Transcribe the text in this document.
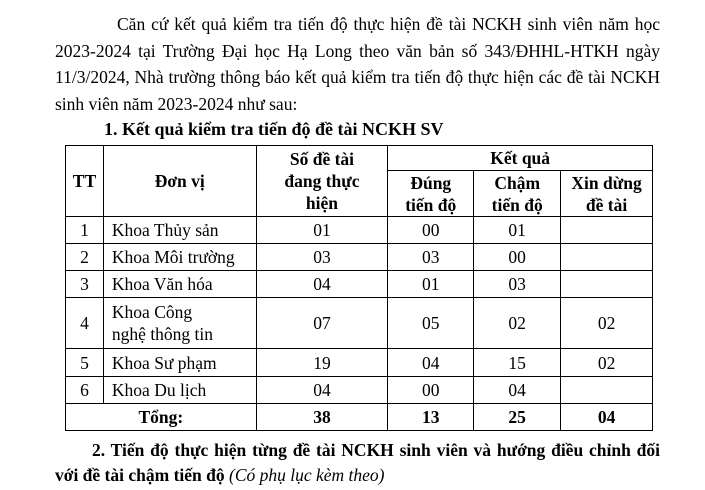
Căn cứ kết quả kiểm tra tiến độ thực hiện đề tài NCKH sinh viên năm học 2023-2024 tại Trường Đại học Hạ Long theo văn bản số 343/ĐHHL-HTKH ngày 11/3/2024, Nhà trường thông báo kết quả kiểm tra tiến độ thực hiện các đề tài NCKH sinh viên năm 2023-2024 như sau:

1. Kết quả kiểm tra tiến độ đề tài NCKH SV

TT	Đơn vị	Số đề tài đang thực hiện	Kết quả		
			Đúng tiến độ	Chậm tiến độ	Xin dừng đề tài
1	Khoa Thủy sản	01	00	01	
2	Khoa Môi trường	03	03	00	
3	Khoa Văn hóa	04	01	03	
4	Khoa Công nghệ thông tin	07	05	02	02
5	Khoa Sư phạm	19	04	15	02
6	Khoa Du lịch	04	00	04	
Tổng:		38	13	25	04

2. Tiến độ thực hiện từng đề tài NCKH sinh viên và hướng điều chỉnh đối với đề tài chậm tiến độ (Có phụ lục kèm theo)
